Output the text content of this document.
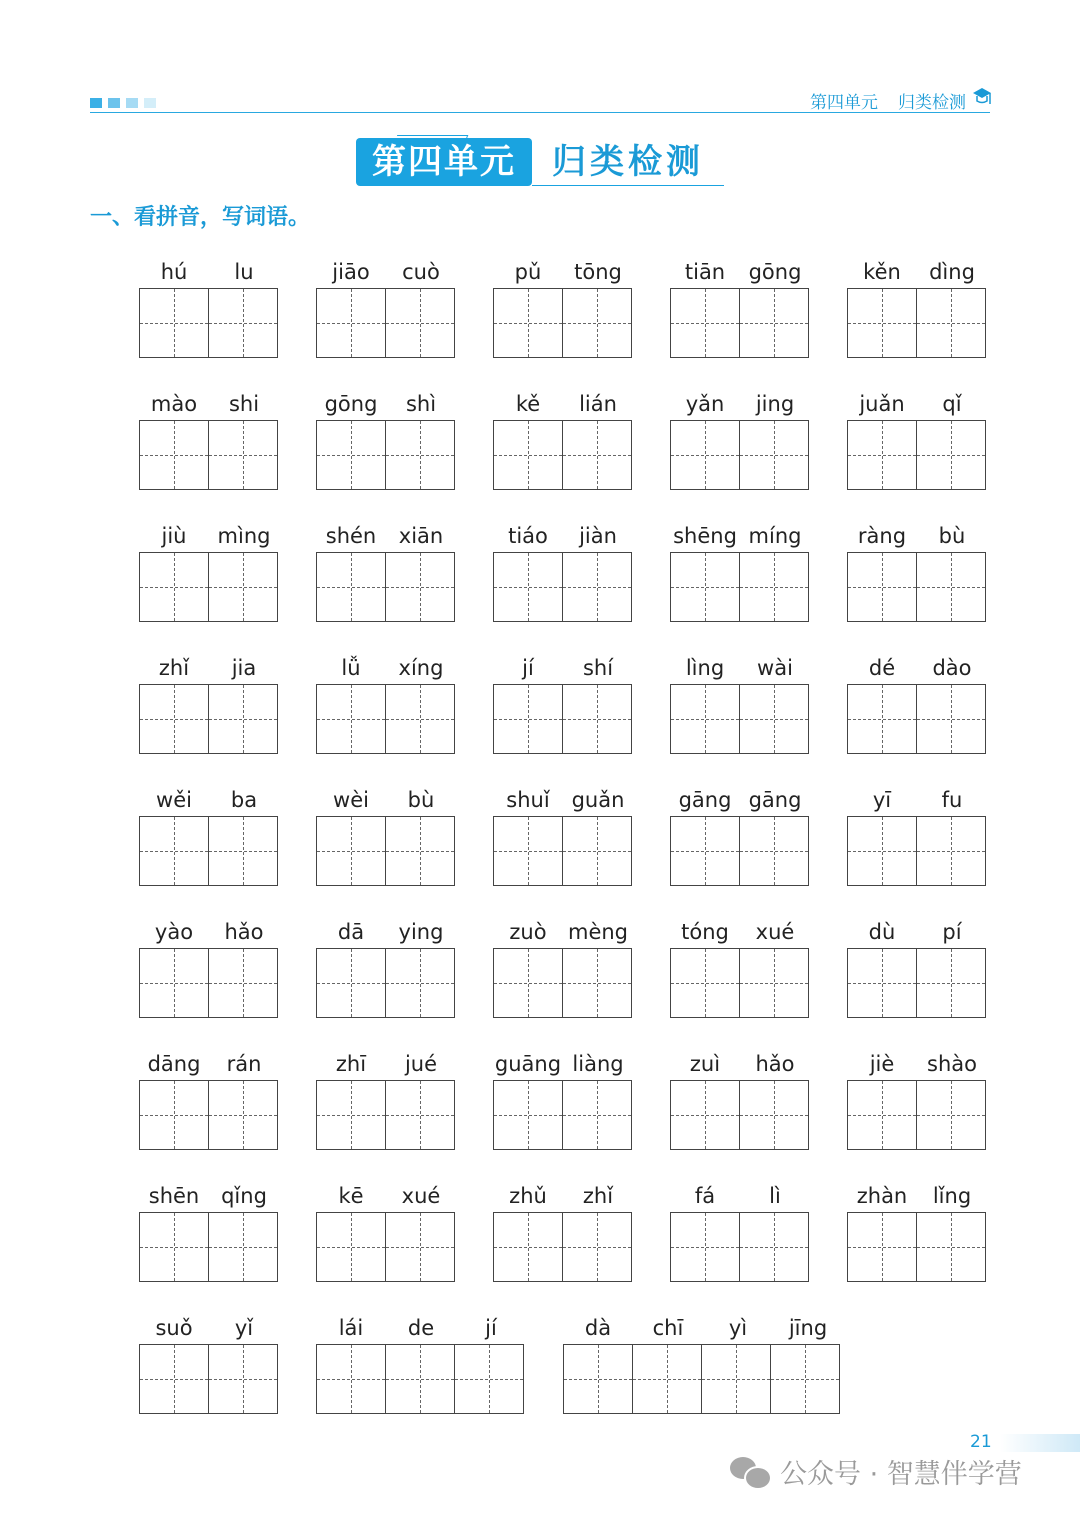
第四单元 归类检测
第四单元	归类检测
一、看拼音，写词语。
hú	lu	jiāo	cuò	pǔ	tōng	tiān	gōng	kěn	dìng
mào	shi	gōng	shì	kě	lián	yǎn	jing	juǎn	qǐ
jiù	mìng	shén	xiān	tiáo	jiàn	shēng míng	ràng	bù
zhǐ	jia	lǚ	xíng	jí	shí	lìng	wài	dé	dào
wěi	ba	wèi	bù	shuǐ	guǎn	gāng gāng	yī	fu
yào	hǎo	dā	ying	zuò	mèng	tóng	xué	dù	pí
dāng	rán	zhī	jué	guāng liàng	zuì	hǎo	jiè	shào
shēn	qǐng	kē	xué	zhǔ	zhǐ	fá	lì	zhàn	lǐng
suǒ	yǐ	lái	de	jí	dà	chī	yì	jīng
21
公众号 · 智慧伴学营
